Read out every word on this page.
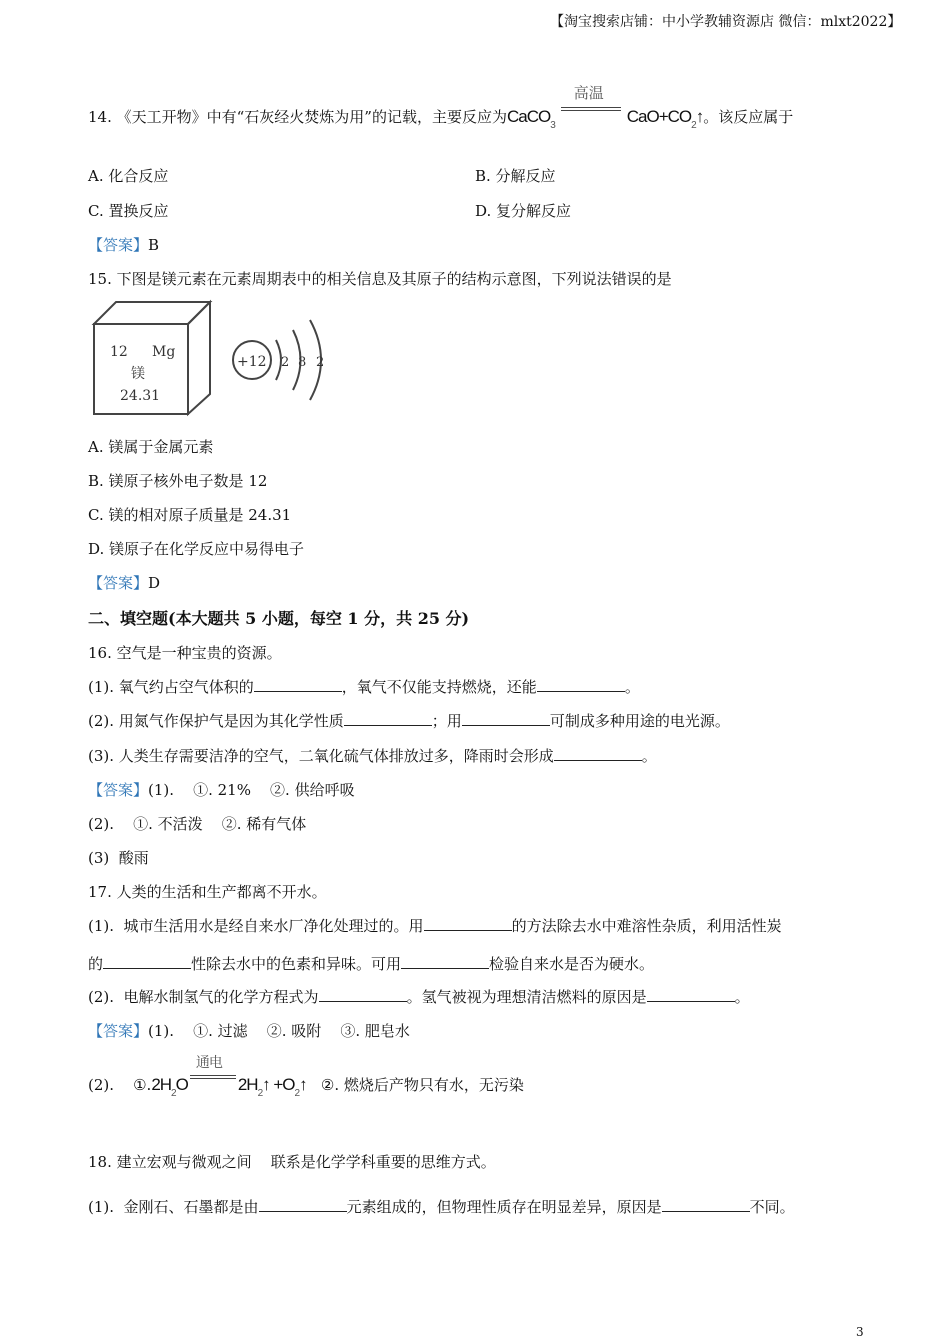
【淘宝搜索店铺：中小学教辅资源店 微信：mlxt2022】
14. 《天工开物》中有“石灰经火焚炼为用”的记载，主要反应为CaCO$_3$
高温
$CaO+CO_2↑$。该反应属于
A. 化合反应	B. 分解反应
C. 置换反应	D. 复分解反应
【答案】B
15. 下图是镁元素在元素周期表中的相关信息及其原子的结构示意图，下列说法错误的是
12 Mg
镁
24.31
+12 2 8 2
A. 镁属于金属元素
B. 镁原子核外电子数是 12
C. 镁的相对原子质量是 24.31
D. 镁原子在化学反应中易得电子
【答案】D
二、填空题(本大题共 5 小题，每空 1 分，共 25 分)
16. 空气是一种宝贵的资源。
(1). 氧气约占空气体积的	，氧气不仅能支持燃烧，还能	。
(2). 用氮气作保护气是因为其化学性质	；用	可制成多种用途的电光源。
(3). 人类生存需要洁净的空气，二氧化硫气体排放过多，降雨时会形成	。
【答案】(1).    ①. 21%    ②. 供给呼吸
(2).    ①. 不活泼    ②. 稀有气体
(3)  酸雨
17. 人类的生活和生产都离不开水。
(1).  城市生活用水是经自来水厂净化处理过的。用	的方法除去水中难溶性杂质，利用活性炭
的	性除去水中的色素和异味。可用	检验自来水是否为硬水。
(2).  电解水制氢气的化学方程式为	。氢气被视为理想清洁燃料的原因是	。
【答案】(1).    ①. 过滤    ②. 吸附    ③. 肥皂水
(2).    $①.2H_2O$
通电
$2H_2↑$ $+O_2↑$ ②. 燃烧后产物只有水，无污染
18. 建立宏观与微观之间    联系是化学学科重要的思维方式。
(1).  金刚石、石墨都是由	元素组成的，但物理性质存在明显差异，原因是	不同。
3
